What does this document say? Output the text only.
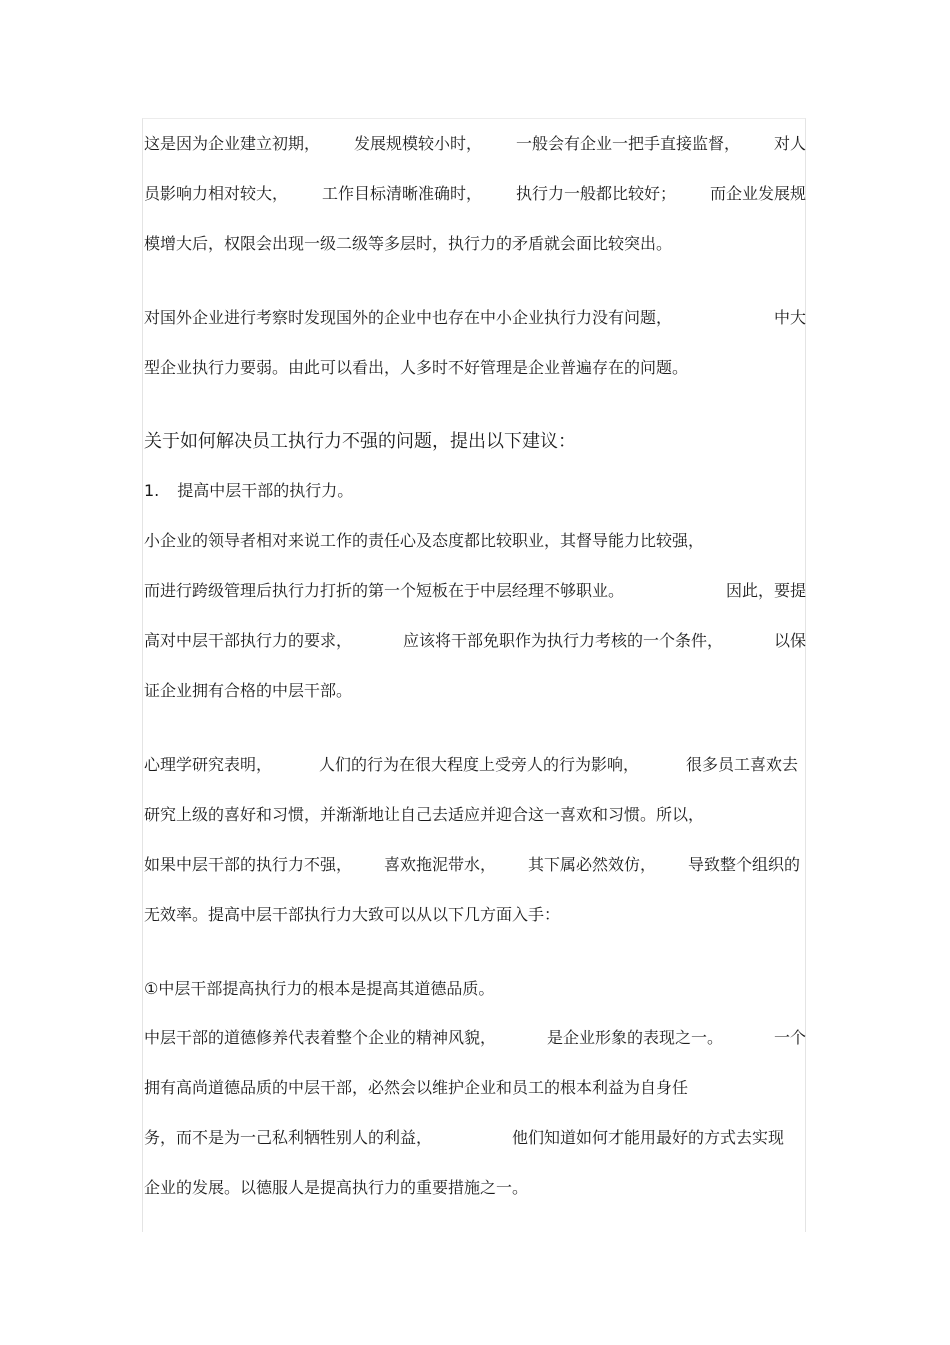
这是因为企业建立初期， 发展规模较小时， 一般会有企业一把手直接监督， 对人
员影响力相对较大， 工作目标清晰准确时， 执行力一般都比较好； 而企业发展规
模增大后，权限会出现一级二级等多层时，执行力的矛盾就会面比较突出。
对国外企业进行考察时发现国外的企业中也存在中小企业执行力没有问题，	中大
型企业执行力要弱。由此可以看出，人多时不好管理是企业普遍存在的问题。
关于如何解决员工执行力不强的问题，提出以下建议：
1. 提高中层干部的执行力。
小企业的领导者相对来说工作的责任心及态度都比较职业，其督导能力比较强，
而进行跨级管理后执行力打折的第一个短板在于中层经理不够职业。	因此，要提
高对中层干部执行力的要求，	应该将干部免职作为执行力考核的一个条件，	以保
证企业拥有合格的中层干部。
心理学研究表明，	人们的行为在很大程度上受旁人的行为影响，	很多员工喜欢去
研究上级的喜好和习惯，并渐渐地让自己去适应并迎合这一喜欢和习惯。所以，
如果中层干部的执行力不强， 喜欢拖泥带水， 其下属必然效仿， 导致整个组织的
无效率。提高中层干部执行力大致可以从以下几方面入手：
①中层干部提高执行力的根本是提高其道德品质。
中层干部的道德修养代表着整个企业的精神风貌，	是企业形象的表现之一。	一个
拥有高尚道德品质的中层干部，必然会以维护企业和员工的根本利益为自身任
务，而不是为一己私利牺牲别人的利益，	他们知道如何才能用最好的方式去实现
企业的发展。以德服人是提高执行力的重要措施之一。
